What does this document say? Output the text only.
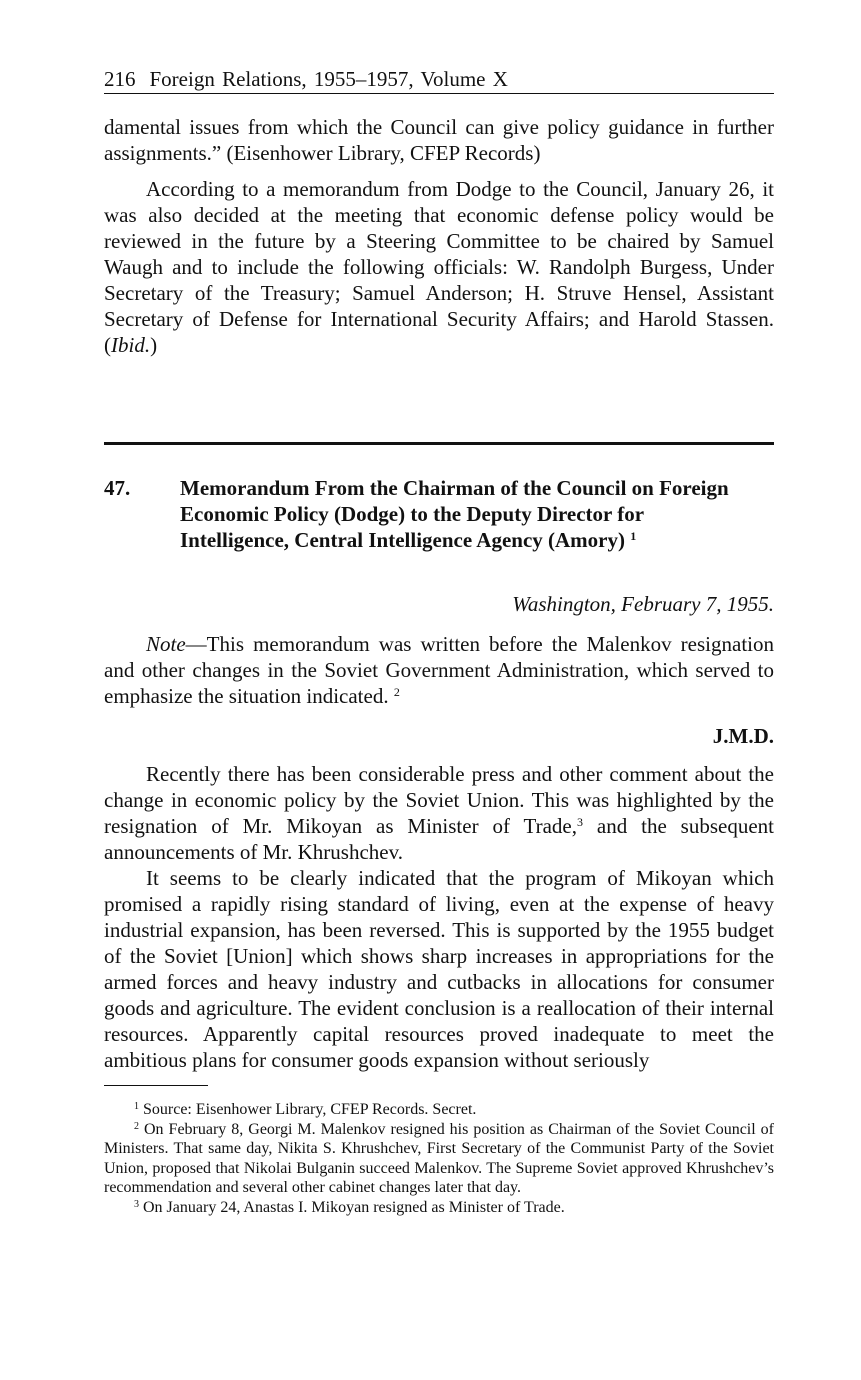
216 Foreign Relations, 1955–1957, Volume X

damental issues from which the Council can give policy guidance in further assignments.” (Eisenhower Library, CFEP Records)

According to a memorandum from Dodge to the Council, January 26, it was also decided at the meeting that economic defense policy would be reviewed in the future by a Steering Committee to be chaired by Samuel Waugh and to include the following officials: W. Randolph Burgess, Under Secretary of the Treasury; Samuel Anderson; H. Struve Hensel, Assistant Secretary of Defense for International Security Affairs; and Harold Stassen. (Ibid.)

47.	Memorandum From the Chairman of the Council on Foreign Economic Policy (Dodge) to the Deputy Director for Intelligence, Central Intelligence Agency (Amory) $^1$
Washington, February 7, 1955.

Note—This memorandum was written before the Malenkov resignation and other changes in the Soviet Government Administration, which served to emphasize the situation indicated. $^2$

J.M.D.

Recently there has been considerable press and other comment about the change in economic policy by the Soviet Union. This was highlighted by the resignation of Mr. Mikoyan as Minister of Trade,$^3$ and the subsequent announcements of Mr. Khrushchev.

It seems to be clearly indicated that the program of Mikoyan which promised a rapidly rising standard of living, even at the expense of heavy industrial expansion, has been reversed. This is supported by the 1955 budget of the Soviet [Union] which shows sharp increases in appropriations for the armed forces and heavy industry and cutbacks in allocations for consumer goods and agriculture. The evident conclusion is a reallocation of their internal resources. Apparently capital resources proved inadequate to meet the ambitious plans for consumer goods expansion without seriously

$^1$ Source: Eisenhower Library, CFEP Records. Secret.

$^2$ On February 8, Georgi M. Malenkov resigned his position as Chairman of the Soviet Council of Ministers. That same day, Nikita S. Khrushchev, First Secretary of the Communist Party of the Soviet Union, proposed that Nikolai Bulganin succeed Malenkov. The Supreme Soviet approved Khrushchev’s recommendation and several other cabinet changes later that day.

$^3$ On January 24, Anastas I. Mikoyan resigned as Minister of Trade.
